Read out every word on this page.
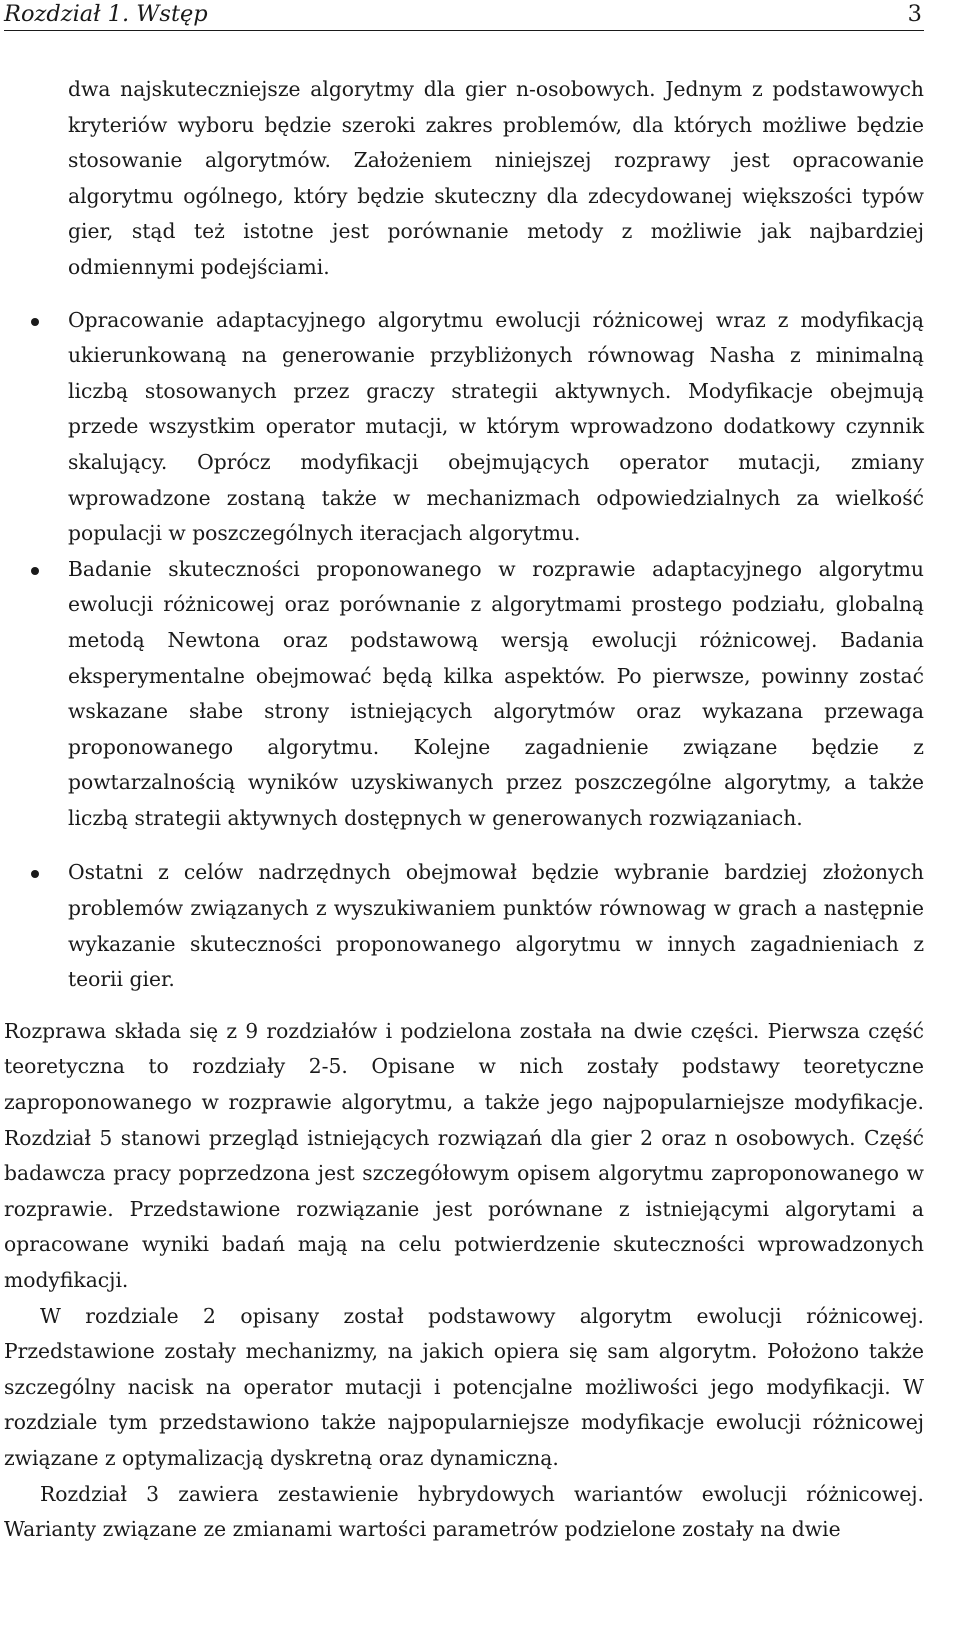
Rozdział 1. Wstęp	3

dwa najskuteczniejsze algorytmy dla gier n-osobowych. Jednym z podstawowych kryteriów wyboru będzie szeroki zakres problemów, dla których możliwe będzie stosowanie algorytmów. Założeniem niniejszej rozprawy jest opracowanie algorytmu ogólnego, który będzie skuteczny dla zdecydowanej większości typów gier, stąd też istotne jest porównanie metody z możliwie jak najbardziej odmiennymi podejściami.

Opracowanie adaptacyjnego algorytmu ewolucji różnicowej wraz z modyfikacją ukierunkowaną na generowanie przybliżonych równowag Nasha z minimalną liczbą stosowanych przez graczy strategii aktywnych. Modyfikacje obejmują przede wszystkim operator mutacji, w którym wprowadzono dodatkowy czynnik skalujący. Oprócz modyfikacji obejmujących operator mutacji, zmiany wprowadzone zostaną także w mechanizmach odpowiedzialnych za wielkość populacji w poszczególnych iteracjach algorytmu.

Badanie skuteczności proponowanego w rozprawie adaptacyjnego algorytmu ewolucji różnicowej oraz porównanie z algorytmami prostego podziału, globalną metodą Newtona oraz podstawową wersją ewolucji różnicowej. Badania eksperymentalne obejmować będą kilka aspektów. Po pierwsze, powinny zostać wskazane słabe strony istniejących algorytmów oraz wykazana przewaga proponowanego algorytmu. Kolejne zagadnienie związane będzie z powtarzalnością wyników uzyskiwanych przez poszczególne algorytmy, a także liczbą strategii aktywnych dostępnych w generowanych rozwiązaniach.

Ostatni z celów nadrzędnych obejmował będzie wybranie bardziej złożonych problemów związanych z wyszukiwaniem punktów równowag w grach a następnie wykazanie skuteczności proponowanego algorytmu w innych zagadnieniach z teorii gier.

Rozprawa składa się z 9 rozdziałów i podzielona została na dwie części. Pierwsza część teoretyczna to rozdziały 2-5. Opisane w nich zostały podstawy teoretyczne zaproponowanego w rozprawie algorytmu, a także jego najpopularniejsze modyfikacje. Rozdział 5 stanowi przegląd istniejących rozwiązań dla gier 2 oraz n osobowych. Część badawcza pracy poprzedzona jest szczegółowym opisem algorytmu zaproponowanego w rozprawie. Przedstawione rozwiązanie jest porównane z istniejącymi algorytami a opracowane wyniki badań mają na celu potwierdzenie skuteczności wprowadzonych modyfikacji.

W rozdziale 2 opisany został podstawowy algorytm ewolucji różnicowej. Przedstawione zostały mechanizmy, na jakich opiera się sam algorytm. Położono także szczególny nacisk na operator mutacji i potencjalne możliwości jego modyfikacji. W rozdziale tym przedstawiono także najpopularniejsze modyfikacje ewolucji różnicowej związane z optymalizacją dyskretną oraz dynamiczną.

Rozdział 3 zawiera zestawienie hybrydowych wariantów ewolucji różnicowej. Warianty związane ze zmianami wartości parametrów podzielone zostały na dwie
